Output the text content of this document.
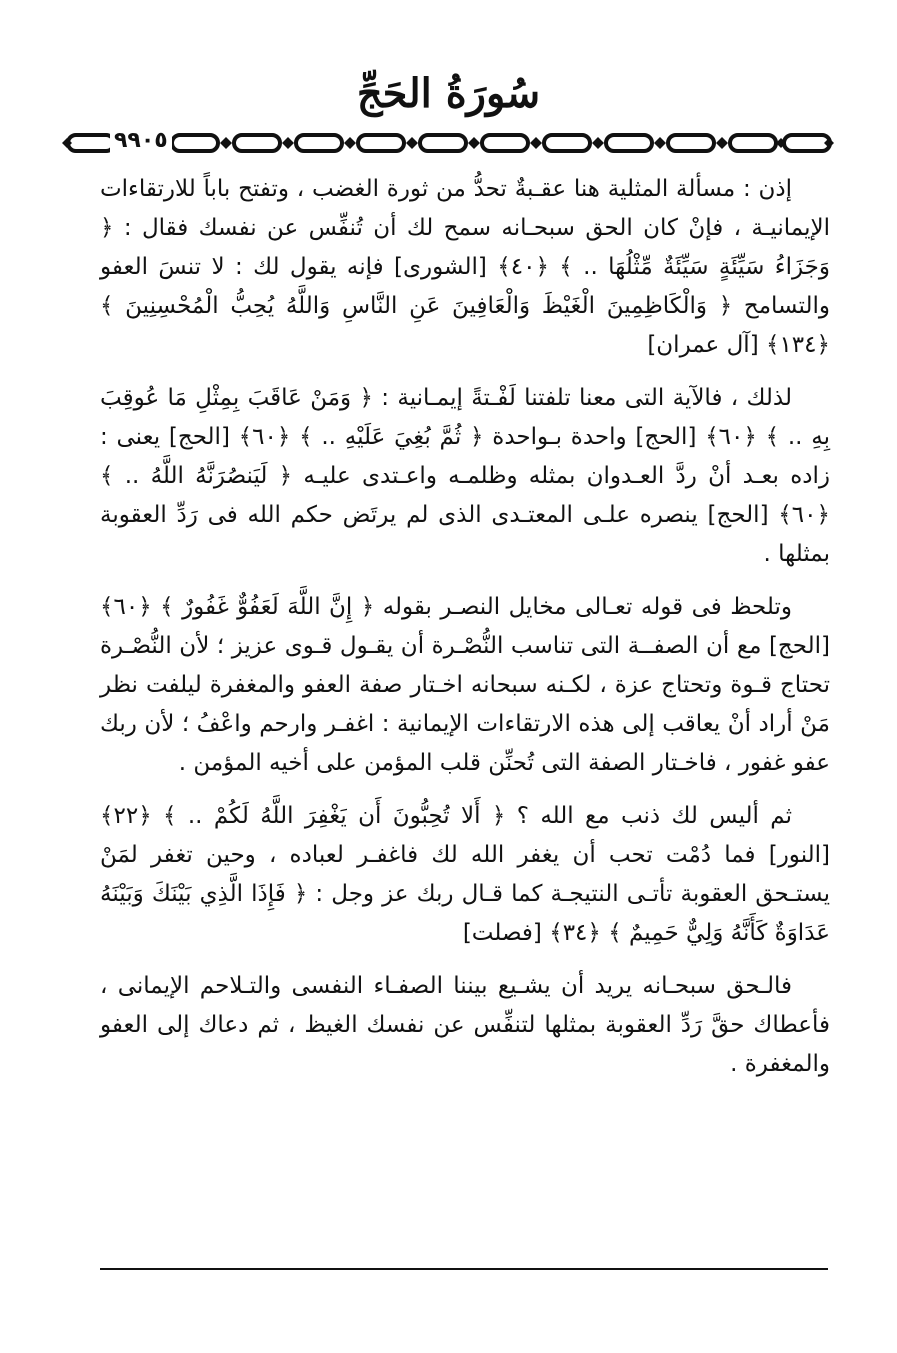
سُورَةُ الحَجِّ
٩٩٠٥

إذن : مسألة المثلية هنا عقـبةٌ تحدُّ من ثورة الغضب ، وتفتح باباً للارتقاءات الإيمانيـة ، فإنْ كان الحق سبحـانه سمح لك أن تُنفِّس عن نفسك فقال : ﴿ وَجَزَاءُ سَيِّئَةٍ سَيِّئَةٌ مِّثْلُهَا .. ﴾ ﴿٤٠﴾ [الشورى] فإنه يقول لك : لا تنسَ العفو والتسامح ﴿ وَالْكَاظِمِينَ الْغَيْظَ وَالْعَافِينَ عَنِ النَّاسِ وَاللَّهُ يُحِبُّ الْمُحْسِنِينَ ﴾ ﴿١٣٤﴾ [آل عمران]

لذلك ، فالآية التى معنا تلفتنا لَفْـتةً إيمـانية : ﴿ وَمَنْ عَاقَبَ بِمِثْلِ مَا عُوقِبَ بِهِ .. ﴾ ﴿٦٠﴾ [الحج] واحدة بـواحدة ﴿ ثُمَّ بُغِيَ عَلَيْهِ .. ﴾ ﴿٦٠﴾ [الحج] يعنى : زاده بعـد أنْ ردَّ العـدوان بمثله وظلمـه واعـتدى عليـه ﴿ لَيَنصُرَنَّهُ اللَّهُ .. ﴾ ﴿٦٠﴾ [الحج] ينصره علـى المعتـدى الذى لم يرتَض حكم الله فى رَدِّ العقوبة بمثلها .

وتلحظ فى قوله تعـالى مخايل النصـر بقوله ﴿ إِنَّ اللَّهَ لَعَفُوٌّ غَفُورٌ ﴾ ﴿٦٠﴾ [الحج] مع أن الصفــة التى تناسب النُّصْـرة أن يقـول قـوى عزيز ؛ لأن النُّصْـرة تحتاج قـوة وتحتاج عزة ، لكـنه سبحانه اخـتار صفة العفو والمغفرة ليلفت نظر مَنْ أراد أنْ يعاقب إلى هذه الارتقاءات الإيمانية : اغفـر وارحم واعْفُ ؛ لأن ربك عفو غفور ، فاخـتار الصفة التى تُحنِّن قلب المؤمن على أخيه المؤمن .

ثم أليس لك ذنب مع الله ؟ ﴿ أَلا تُحِبُّونَ أَن يَغْفِرَ اللَّهُ لَكُمْ .. ﴾ ﴿٢٢﴾ [النور] فما دُمْت تحب أن يغفر الله لك فاغفـر لعباده ، وحين تغفر لمَنْ يستـحق العقوبة تأتـى النتيجـة كما قـال ربك عز وجل : ﴿ فَإِذَا الَّذِي بَيْنَكَ وَبَيْنَهُ عَدَاوَةٌ كَأَنَّهُ وَلِيٌّ حَمِيمٌ ﴾ ﴿٣٤﴾ [فصلت]

فالـحق سبحـانه يريد أن يشـيع بيننا الصفـاء النفسى والتـلاحم الإيمانى ، فأعطاك حقَّ رَدِّ العقوبة بمثلها لتنفِّس عن نفسك الغيظ ، ثم دعاك إلى العفو والمغفرة .
